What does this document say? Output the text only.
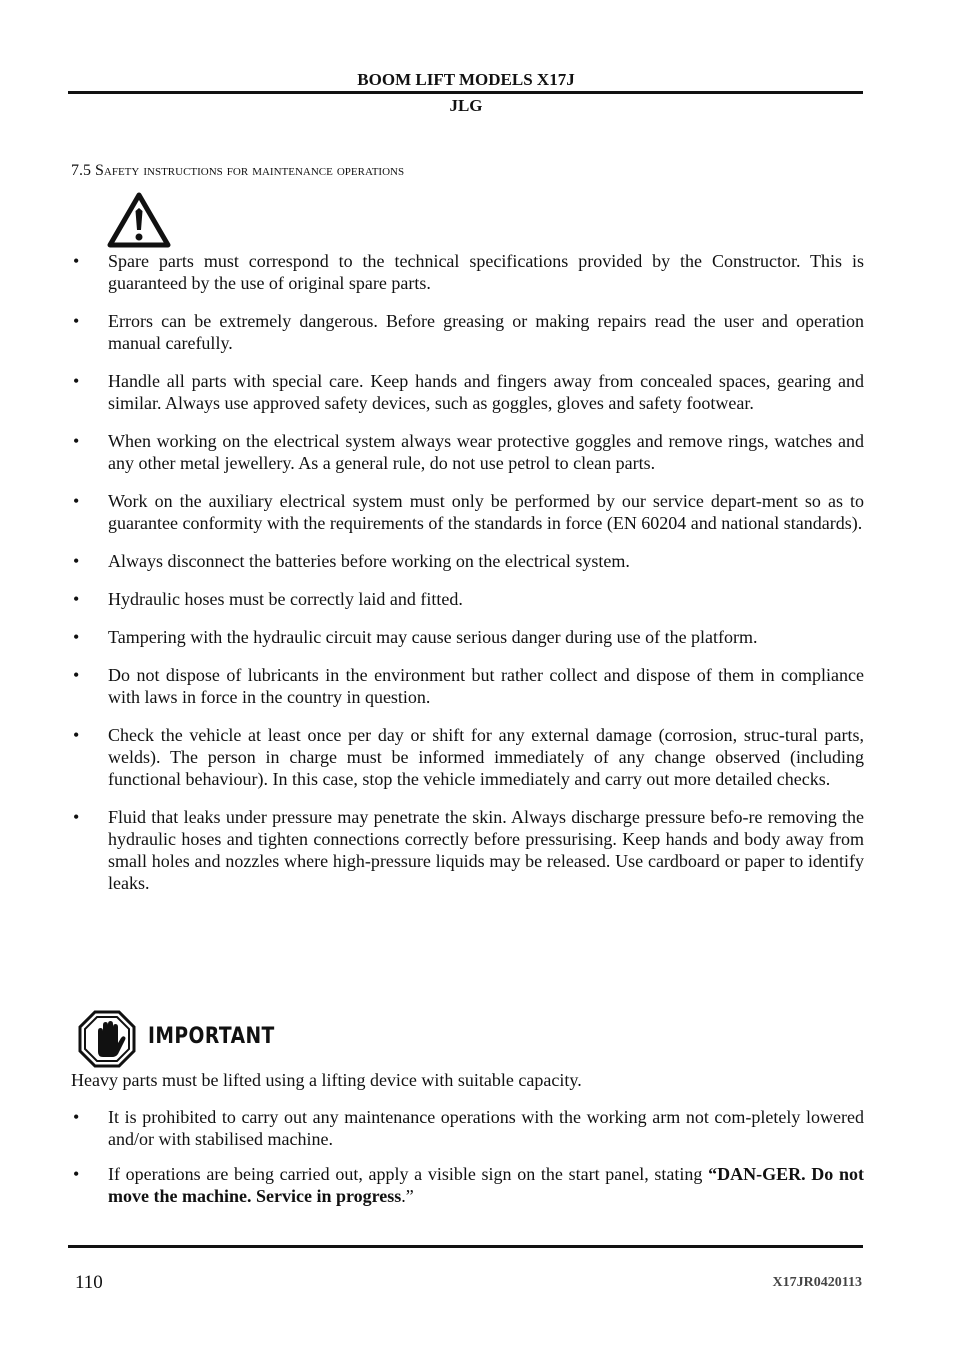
BOOM LIFT MODELS X17J
JLG
7.5 Safety instructions for maintenance operations
• Spare parts must correspond to the technical specifications provided by the Constructor. This is guaranteed by the use of original spare parts.
• Errors can be extremely dangerous. Before greasing or making repairs read the user and operation manual carefully.
• Handle all parts with special care. Keep hands and fingers away from concealed spaces, gearing and similar. Always use approved safety devices, such as goggles, gloves and safety footwear.
• When working on the electrical system always wear protective goggles and remove rings, watches and any other metal jewellery. As a general rule, do not use petrol to clean parts.
• Work on the auxiliary electrical system must only be performed by our service depart-ment so as to guarantee conformity with the requirements of the standards in force (EN 60204 and national standards).
• Always disconnect the batteries before working on the electrical system.
• Hydraulic hoses must be correctly laid and fitted.
• Tampering with the hydraulic circuit may cause serious danger during use of the platform.
• Do not dispose of lubricants in the environment but rather collect and dispose of them in compliance with laws in force in the country in question.
• Check the vehicle at least once per day or shift for any external damage (corrosion, struc-tural parts, welds). The person in charge must be informed immediately of any change observed (including functional behaviour). In this case, stop the vehicle immediately and carry out more detailed checks.
• Fluid that leaks under pressure may penetrate the skin. Always discharge pressure befo-re removing the hydraulic hoses and tighten connections correctly before pressurising. Keep hands and body away from small holes and nozzles where high-pressure liquids may be released. Use cardboard or paper to identify leaks.
IMPORTANT
Heavy parts must be lifted using a lifting device with suitable capacity.
• It is prohibited to carry out any maintenance operations with the working arm not com-pletely lowered and/or with stabilised machine.
• If operations are being carried out, apply a visible sign on the start panel, stating “DAN-GER. Do not move the machine. Service in progress.”
110	X17JR0420113
